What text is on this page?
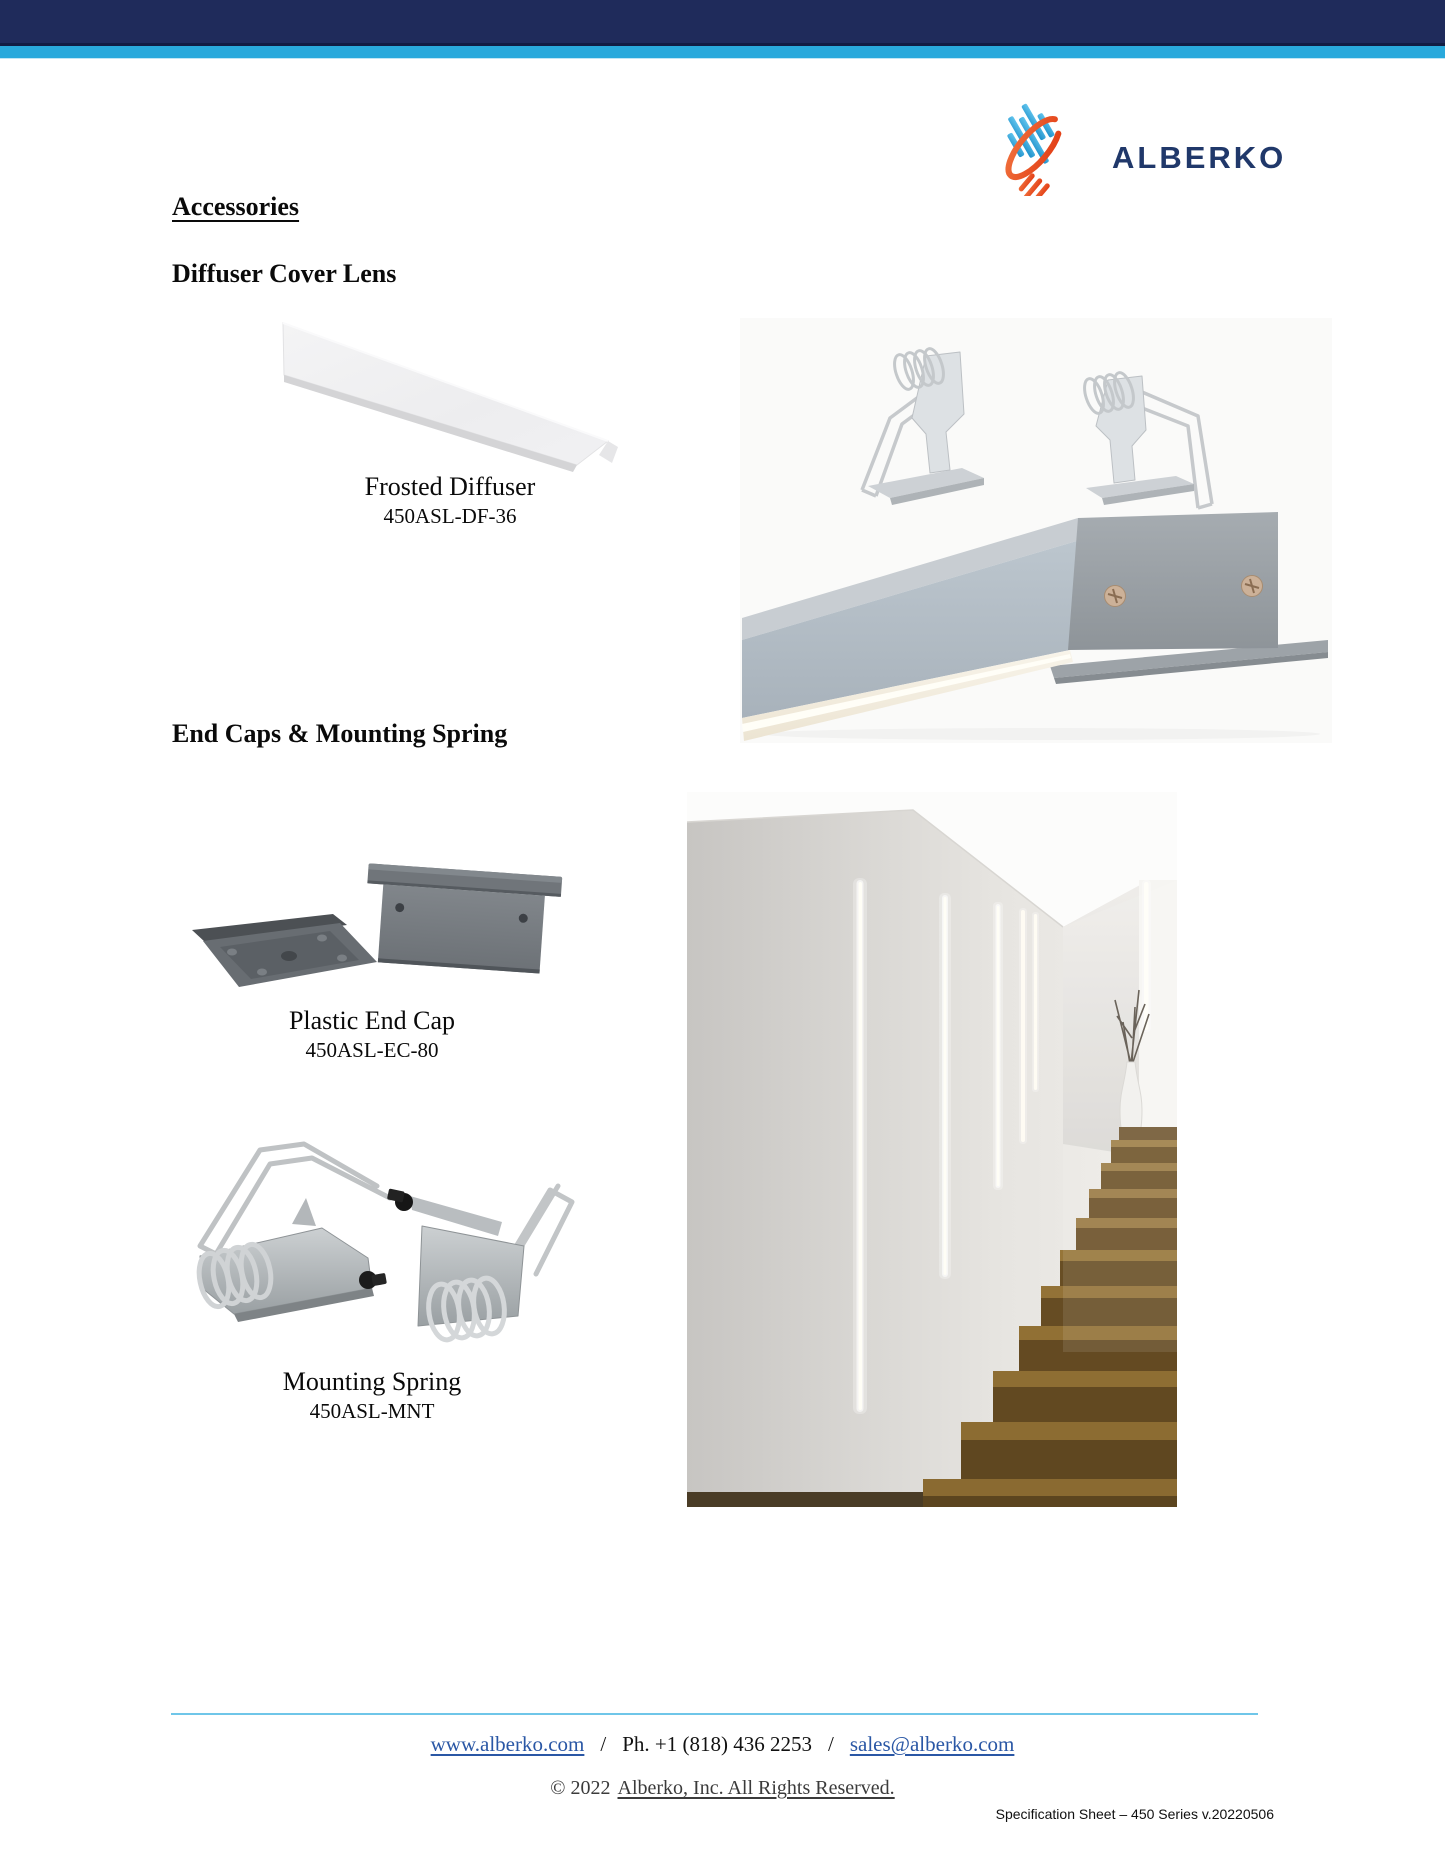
ALBERKO
Accessories
Diffuser Cover Lens
Frosted Diffuser
450ASL-DF-36
End Caps & Mounting Spring
Plastic End Cap
450ASL-EC-80
Mounting Spring
450ASL-MNT
www.alberko.com / Ph. +1 (818) 436 2253 / sales@alberko.com
© 2022 Alberko, Inc. All Rights Reserved.
Specification Sheet – 450 Series v.20220506
